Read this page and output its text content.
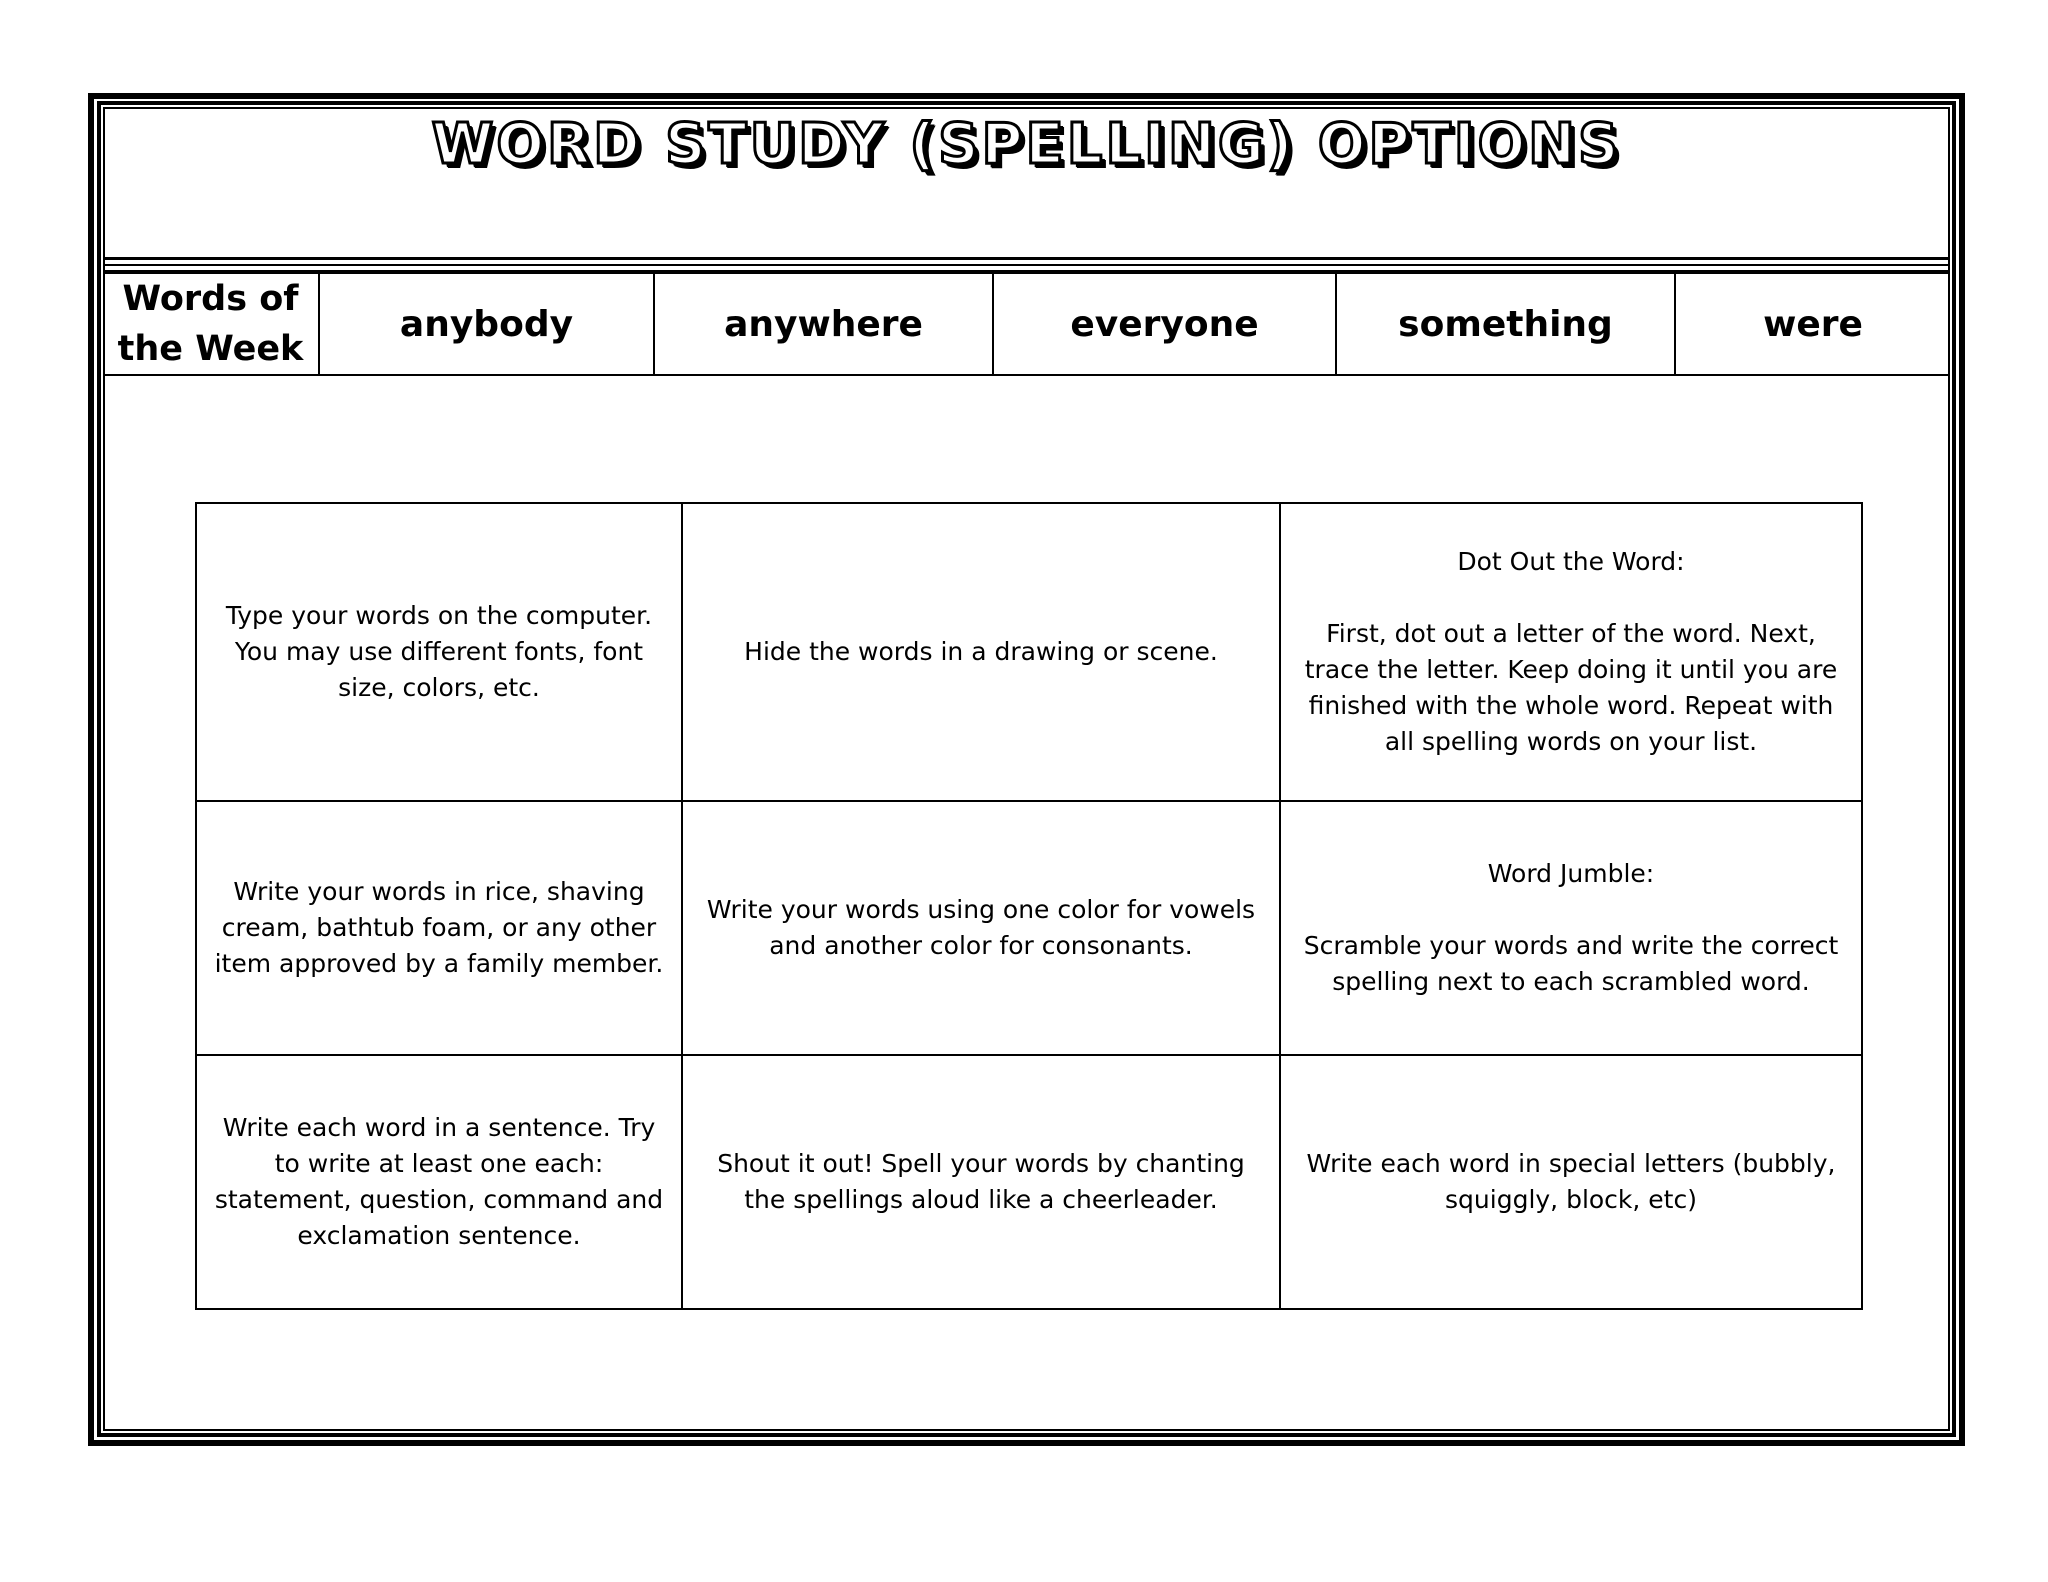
WORD STUDY (SPELLING) OPTIONS
Words of the Week	anybody	anywhere	everyone	something	were
Type your words on the computer. You may use different fonts, font size, colors, etc.	Hide the words in a drawing or scene.	Dot Out the Word:

First, dot out a letter of the word. Next, trace the letter. Keep doing it until you are finished with the whole word. Repeat with all spelling words on your list.
Write your words in rice, shaving cream, bathtub foam, or any other item approved by a family member.	Write your words using one color for vowels and another color for consonants.	Word Jumble:

Scramble your words and write the correct spelling next to each scrambled word.
Write each word in a sentence. Try to write at least one each: statement, question, command and exclamation sentence.	Shout it out! Spell your words by chanting the spellings aloud like a cheerleader.	Write each word in special letters (bubbly, squiggly, block, etc)
